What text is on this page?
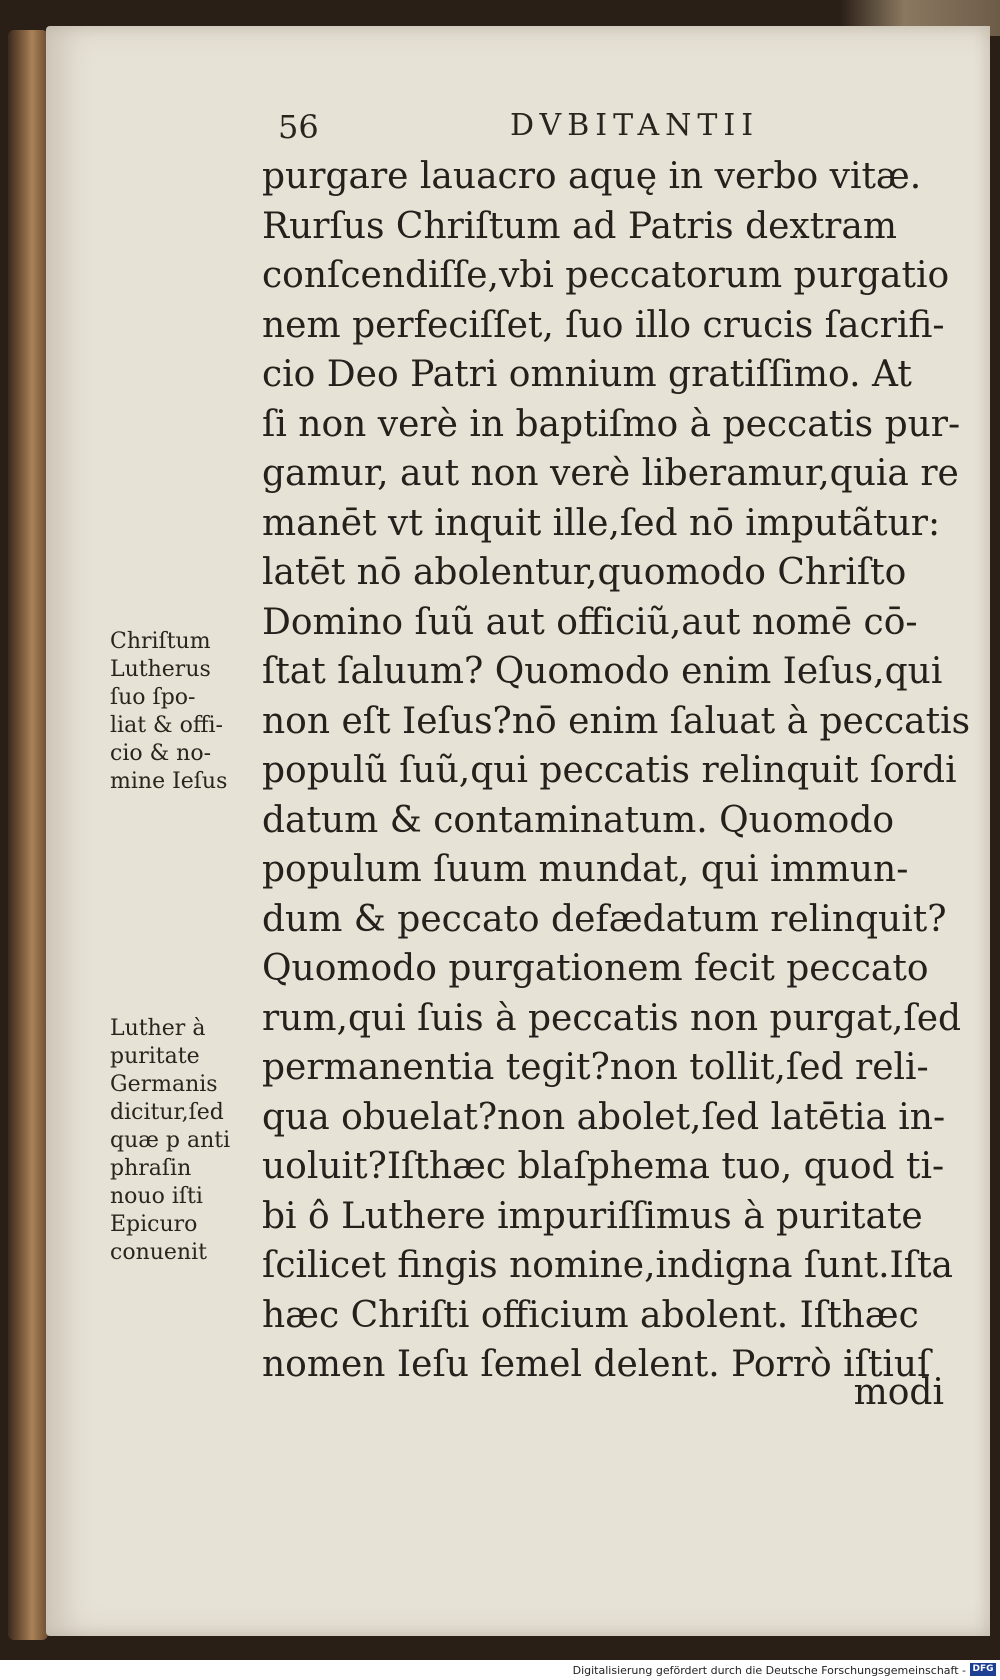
56	DVBITANTII
purgare lauacro aquę in verbo vitæ.
Rurſus Chriſtum ad Patris dextram
conſcendiſſe,vbi peccatorum purgatio
nem perfeciſſet, ſuo illo crucis ſacrifi-
cio Deo Patri omnium gratiſſimo. At
ſi non verè in baptiſmo à peccatis pur-
gamur, aut non verè liberamur,quia re
manēt vt inquit ille,ſed nō imputãtur:
latēt nō abolentur,quomodo Chriſto
Domino ſuũ aut officiũ,aut nomē cō-
ſtat ſaluum? Quomodo enim Ieſus,qui
non eſt Ieſus?nō enim ſaluat à peccatis
populũ ſuũ,qui peccatis relinquit ſordi
datum & contaminatum. Quomodo
populum ſuum mundat, qui immun-
dum & peccato defædatum relinquit?
Quomodo purgationem fecit peccato
rum,qui ſuis à peccatis non purgat,ſed
permanentia tegit?non tollit,ſed reli-
qua obuelat?non abolet,ſed latētia in-
uoluit?Iſthæc blaſphema tuo, quod ti-
bi ô Luthere impuriſſimus à puritate
ſcilicet fingis nomine,indigna ſunt.Iſta
hæc Chriſti officium abolent. Iſthæc
nomen Ieſu ſemel delent. Porrò iſtiuſ
modi
Chriſtum
Lutherus
ſuo ſpo-
liat & offi-
cio & no-
mine Ieſus
Luther à
puritate
Germanis
dicitur,ſed
quæ p anti
phraſin
nouo iſti
Epicuro
conuenit
Digitalisierung gefördert durch die Deutsche Forschungsgemeinschaft - DFG
